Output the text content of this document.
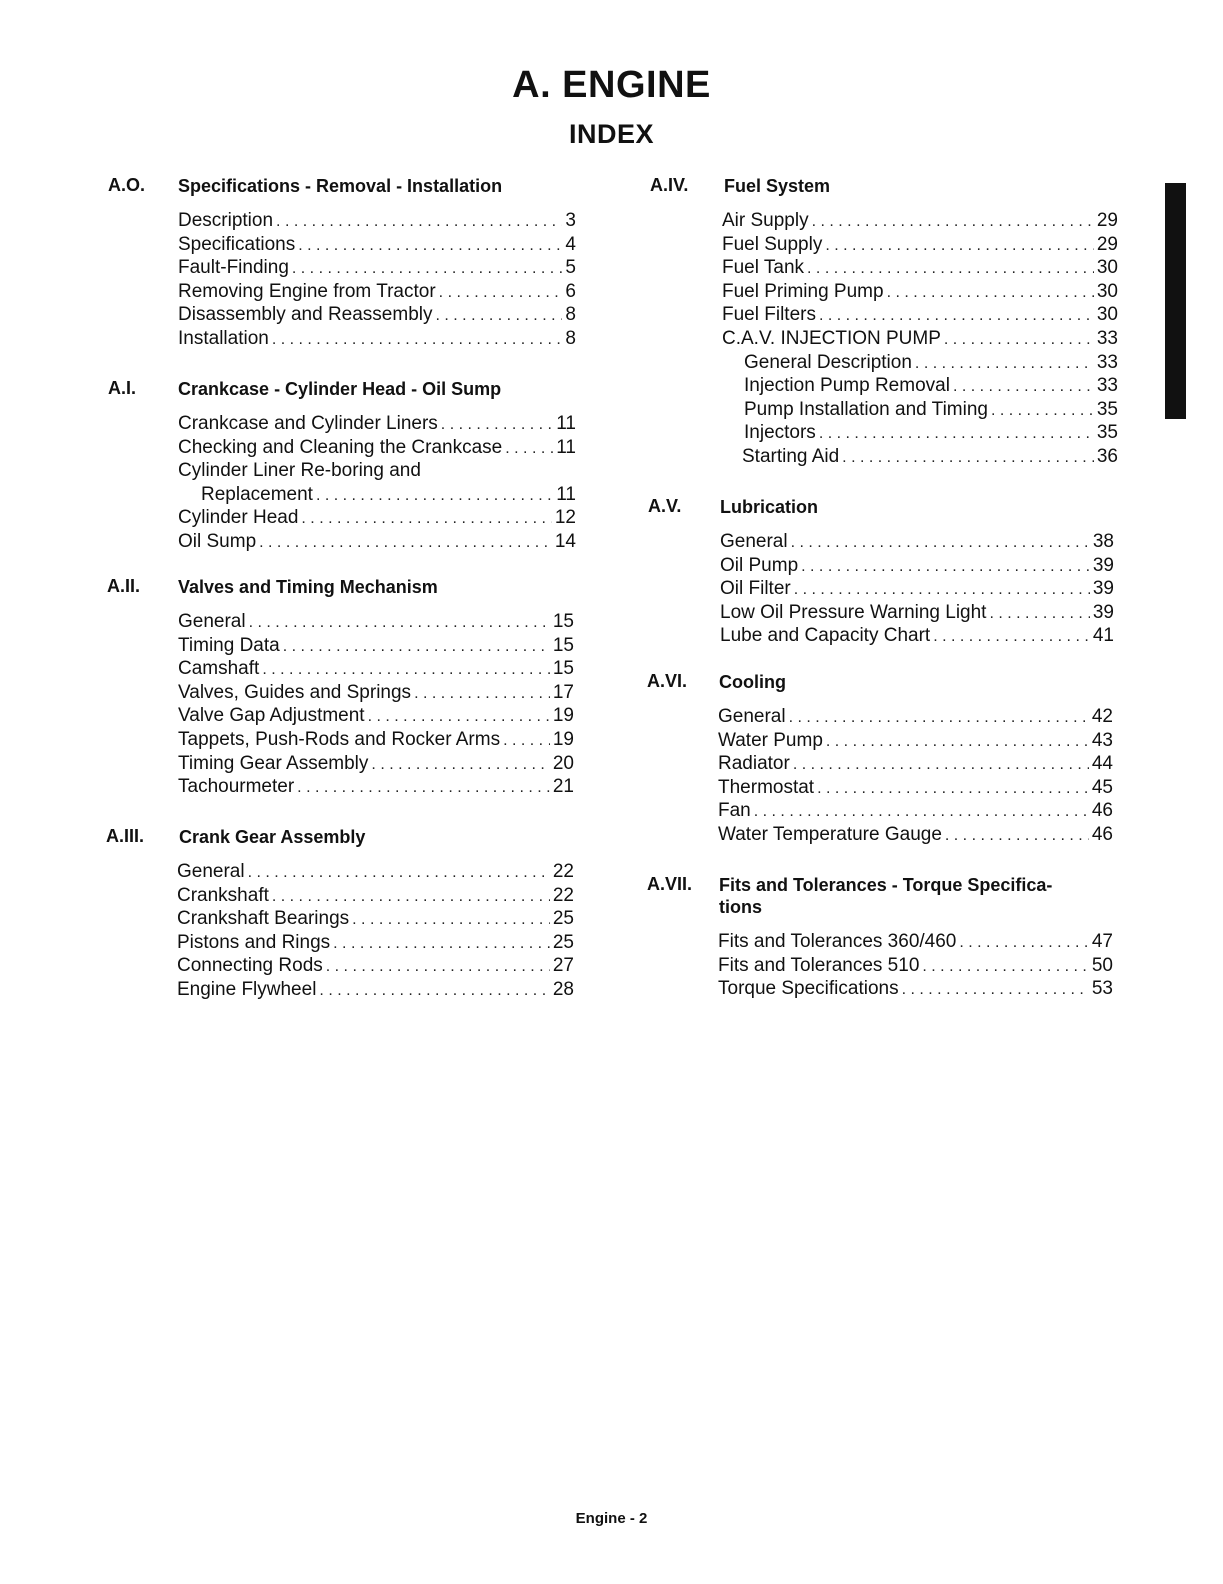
A. ENGINE
INDEX
A.O. Specifications - Removal - Installation
Description . . .	3
Specifications . . .	4
Fault-Finding . . .	5
Removing Engine from Tractor . . .	6
Disassembly and Reassembly . . .	8
Installation . . .	8
A.I. Crankcase - Cylinder Head - Oil Sump
Crankcase and Cylinder Liners . . .	11
Checking and Cleaning the Crankcase . . .	11
Cylinder Liner Re-boring and
Replacement . . .	11
Cylinder Head . . .	12
Oil Sump . . .	14
A.II. Valves and Timing Mechanism
General . . .	15
Timing Data . . .	15
Camshaft . . .	15
Valves, Guides and Springs . . .	17
Valve Gap Adjustment . . .	19
Tappets, Push-Rods and Rocker Arms . . .	19
Timing Gear Assembly . . .	20
Tachourmeter . . .	21
A.III. Crank Gear Assembly
General . . .	22
Crankshaft . . .	22
Crankshaft Bearings . . .	25
Pistons and Rings . . .	25
Connecting Rods . . .	27
Engine Flywheel . . .	28
A.IV. Fuel System
Air Supply . . .	29
Fuel Supply . . .	29
Fuel Tank . . .	30
Fuel Priming Pump . . .	30
Fuel Filters . . .	30
C.A.V. INJECTION PUMP . . .	33
General Description . . .	33
Injection Pump Removal . . .	33
Pump Installation and Timing . . .	35
Injectors . . .	35
Starting Aid . . .	36
A.V. Lubrication
General . . .	38
Oil Pump . . .	39
Oil Filter . . .	39
Low Oil Pressure Warning Light . . .	39
Lube and Capacity Chart . . .	41
A.VI. Cooling
General . . .	42
Water Pump . . .	43
Radiator . . .	44
Thermostat . . .	45
Fan . . .	46
Water Temperature Gauge . . .	46
A.VII. Fits and Tolerances - Torque Specifica-
tions
Fits and Tolerances 360/460 . . .	47
Fits and Tolerances 510 . . .	50
Torque Specifications . . .	53
Engine - 2
